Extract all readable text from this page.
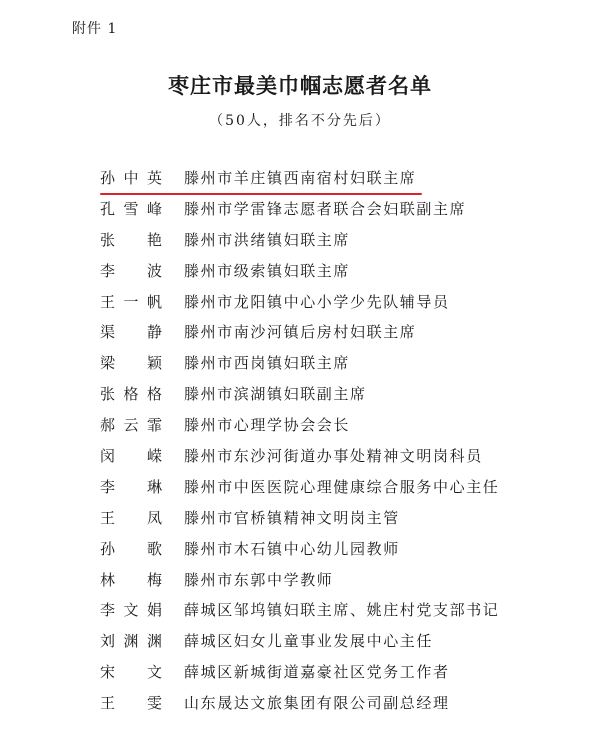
附件 1
枣庄市最美巾帼志愿者名单
（50人，排名不分先后）
孙中英 滕州市羊庄镇西南宿村妇联主席
孔雪峰 滕州市学雷锋志愿者联合会妇联副主席
张　艳 滕州市洪绪镇妇联主席
李　波 滕州市级索镇妇联主席
王一帆 滕州市龙阳镇中心小学少先队辅导员
渠　静 滕州市南沙河镇后房村妇联主席
梁　颖 滕州市西岗镇妇联主席
张格格 滕州市滨湖镇妇联副主席
郝云霏 滕州市心理学协会会长
闵　嵘 滕州市东沙河街道办事处精神文明岗科员
李　琳 滕州市中医医院心理健康综合服务中心主任
王　凤 滕州市官桥镇精神文明岗主管
孙　歌 滕州市木石镇中心幼儿园教师
林　梅 滕州市东郭中学教师
李文娟 薛城区邹坞镇妇联主席、姚庄村党支部书记
刘渊渊 薛城区妇女儿童事业发展中心主任
宋　文 薛城区新城街道嘉豪社区党务工作者
王　雯 山东晟达文旅集团有限公司副总经理
